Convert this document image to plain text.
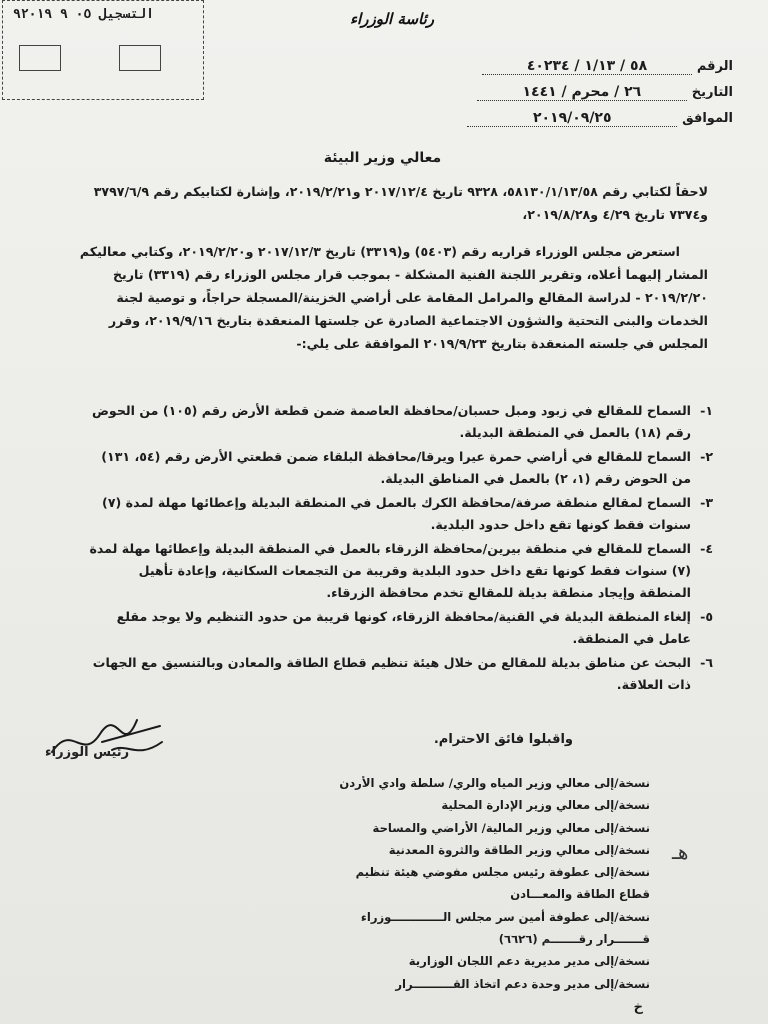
التسجيل ٠٥ ٩ ٩٢٠١٩	رئاسة الوزراء
الرقم ٥٨ / ١/١٣ / ٤٠٢٣٤
التاريخ ٢٦ / محرم / ١٤٤١
الموافق ٢٠١٩/٠٩/٢٥
معالي وزير البيئة
لاحقاً لكتابي رقم ٥٨١٣٠/١/١٣/٥٨، ٩٣٢٨ تاريخ ٢٠١٧/١٢/٤ و٢٠١٩/٢/٢١، وإشارة لكتابيكم رقم ٣٧٩٧/٦/٩ و٧٣٧٤ تاريخ ٤/٢٩ و٢٠١٩/٨/٢٨،
استعرض مجلس الوزراء قراريه رقم (٥٤٠٣) و(٣٣١٩) تاريخ ٢٠١٧/١٢/٣ و٢٠١٩/٢/٢٠، وكتابي معاليكم المشار إليهما أعلاه، وتقرير اللجنة الفنية المشكلة - بموجب قرار مجلس الوزراء رقم (٣٣١٩) تاريخ ٢٠١٩/٢/٢٠ - لدراسة المقالع والمرامل المقامة على أراضي الخزينة/المسجلة حراجاً، و توصية لجنة الخدمات والبنى التحتية والشؤون الاجتماعية الصادرة عن جلستها المنعقدة بتاريخ ٢٠١٩/٩/١٦، وقرر المجلس في جلسته المنعقدة بتاريخ ٢٠١٩/٩/٢٣ الموافقة على يلي:-
١-
السماح للمقالع في زبود ومبل حسبان/محافظة العاصمة ضمن قطعة الأرض رقم (١٠٥) من الحوض رقم (١٨) بالعمل في المنطقة البديلة.
٢-
السماح للمقالع في أراضي حمرة عيرا ويرقا/محافظة البلقاء ضمن قطعتي الأرض رقم (٥٤، ١٣١) من الحوض رقم (١، ٢) بالعمل في المناطق البديلة.
٣-
السماح لمقالع منطقة صرفة/محافظة الكرك بالعمل في المنطقة البديلة وإعطائها مهلة لمدة (٧) سنوات فقط كونها تقع داخل حدود البلدية.
٤-
السماح للمقالع في منطقة بيرين/محافظة الزرقاء بالعمل في المنطقة البديلة وإعطائها مهلة لمدة (٧) سنوات فقط كونها تقع داخل حدود البلدية وقريبة من التجمعات السكانية، وإعادة تأهيل المنطقة وإيجاد منطقة بديلة للمقالع تخدم محافظة الزرقاء.
٥-
إلغاء المنطقة البديلة في القنية/محافظة الزرقاء، كونها قريبة من حدود التنظيم ولا يوجد مقلع عامل في المنطقة.
٦-
البحث عن مناطق بديلة للمقالع من خلال هيئة تنظيم قطاع الطاقة والمعادن وبالتنسيق مع الجهات ذات العلاقة.
واقبلوا فائق الاحترام.
رئيس الوزراء
نسخة/إلى معالي وزير المياه والري/ سلطة وادي الأردن
نسخة/إلى معالي وزير الإدارة المحلية
نسخة/إلى معالي وزير المالية/ الأراضي والمساحة
نسخة/إلى معالي وزير الطاقة والثروة المعدنية
نسخة/إلى عطوفة رئيس مجلس مفوضي هيئة تنظيم
قطاع الطاقة والمعـــادن
نسخة/إلى عطوفة أمين سر مجلس الـــــــــــــوزراء
قـــــــرار رقـــــــم (٦٦٢٦)
نسخة/إلى مدير مديرية دعم اللجان الوزارية
نسخة/إلى مدير وحدة دعم اتخاذ القــــــــــرار
ﻫـ
خ
